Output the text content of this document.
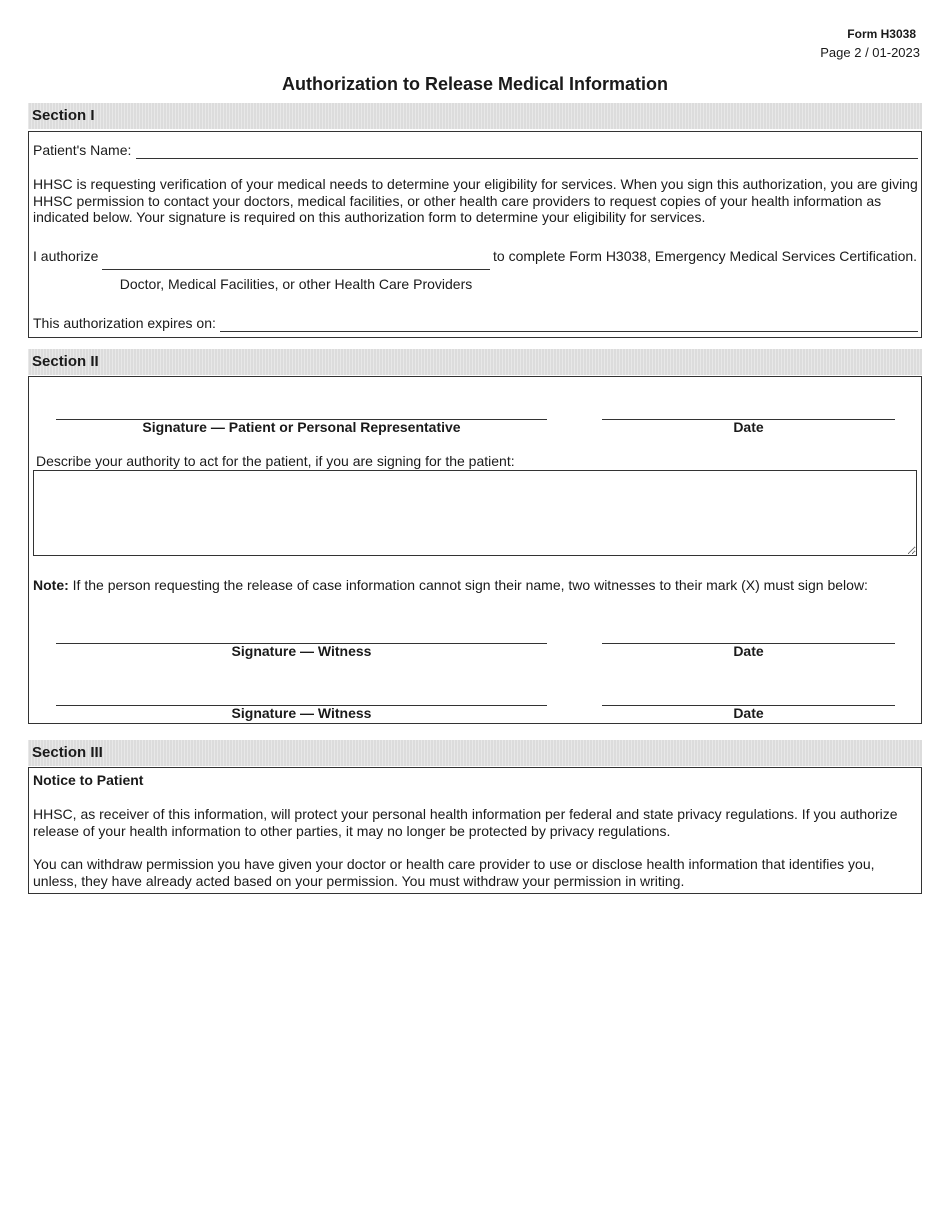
Form H3038
Page 2 / 01-2023
Authorization to Release Medical Information
Section I
Patient's Name:
HHSC is requesting verification of your medical needs to determine your eligibility for services. When you sign this authorization, you are giving HHSC permission to contact your doctors, medical facilities, or other health care providers to request copies of your health information as indicated below. Your signature is required on this authorization form to determine your eligibility for services.
I authorize	to complete Form H3038, Emergency Medical Services Certification.
Doctor, Medical Facilities, or other Health Care Providers
This authorization expires on:
Section II
Signature — Patient or Personal Representative	Date
Describe your authority to act for the patient, if you are signing for the patient:
Note: If the person requesting the release of case information cannot sign their name, two witnesses to their mark (X) must sign below:
Signature — Witness	Date
Signature — Witness	Date
Section III
Notice to Patient
HHSC, as receiver of this information, will protect your personal health information per federal and state privacy regulations. If you authorize release of your health information to other parties, it may no longer be protected by privacy regulations.
You can withdraw permission you have given your doctor or health care provider to use or disclose health information that identifies you, unless, they have already acted based on your permission. You must withdraw your permission in writing.
